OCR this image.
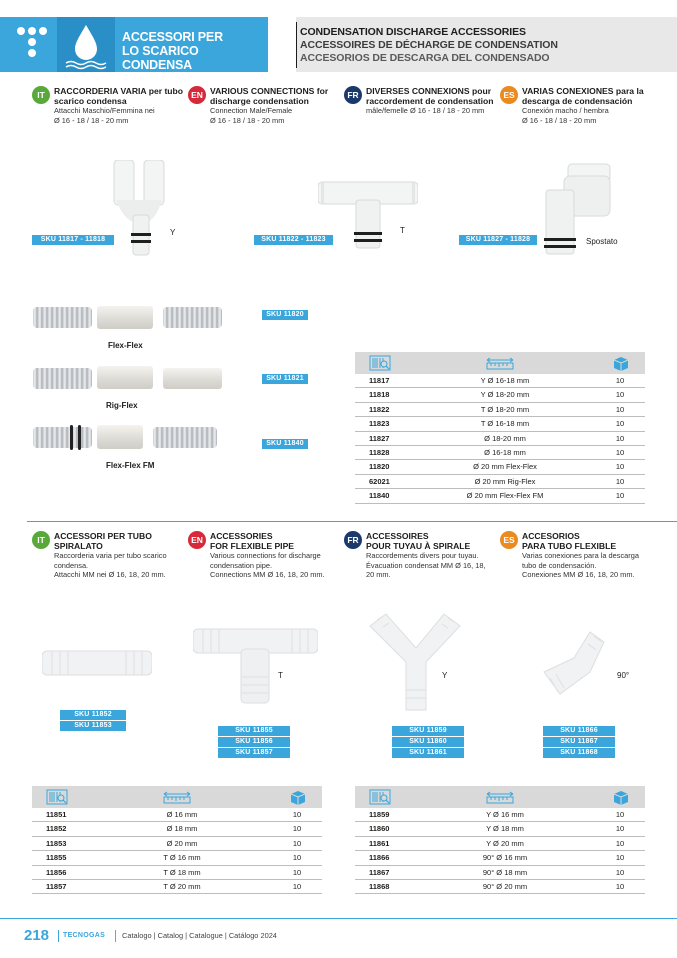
ACCESSORI PER
LO SCARICO CONDENSA
CONDENSATION DISCHARGE ACCESSORIES
ACCESSOIRES DE DÉCHARGE DE CONDENSATION
ACCESORIOS DE DESCARGA DEL CONDENSADO
IT	RACCORDERIA VARIA per tubo scarico condensa
Attacchi Maschio/Femmina nei
Ø 16 - 18 / 18 - 20 mm
EN VARIOUS CONNECTIONS for discharge condensation
Connection Male/Female
Ø 16 - 18 / 18 - 20 mm
FR DIVERSES CONNEXIONS pour raccordement de condensation
mâle/femelle Ø 16 - 18 / 18 - 20 mm
ES VARIAS CONEXIONES para la descarga de condensación
Conexión macho / hembra
Ø 16 - 18 / 18 - 20 mm
SKU 11817 - 11818
Y
SKU 11822 - 11823
T
SKU 11827 - 11828	Spostato
Flex-Flex
SKU 11820
Rig-Flex
SKU 11821
Flex-Flex FM
SKU 11840
11817	Y Ø 16-18 mm	10
11818	Y Ø 18-20 mm	10
11822	T Ø 18-20 mm	10
11823	T Ø 16-18 mm	10
11827	Ø 18-20 mm	10
11828	Ø 16-18 mm	10
11820	Ø 20 mm Flex-Flex	10
62021	Ø 20 mm Rig-Flex	10
11840	Ø 20 mm Flex-Flex FM	10
IT	ACCESSORI PER TUBO
SPIRALATO
Raccorderia varia per tubo scarico
condensa.
Attacchi MM nei Ø 16, 18, 20 mm.
EN ACCESSORIES
FOR FLEXIBLE PIPE
Various connections for discharge
condensation pipe.
Connections MM Ø 16, 18, 20 mm.
FR ACCESSOIRES
POUR TUYAU À SPIRALE
Raccordements divers pour tuyau.
Évacuation condensat MM Ø 16, 18,
20 mm.
ES ACCESORIOS
PARA TUBO FLEXIBLE
Varias conexiones para la descarga
tubo de condensación.
Conexiones MM Ø 16, 18, 20 mm.
SKU 11852
SKU 11853
T
SKU 11855
SKU 11856
SKU 11857
Y
SKU 11859
SKU 11860
SKU 11861
90°
SKU 11866
SKU 11867
SKU 11868
11851	Ø 16 mm	10
11852	Ø 18 mm	10
11853	Ø 20 mm	10
11855	T Ø 16 mm	10
11856	T Ø 18 mm	10
11857	T Ø 20 mm	10
11859	Y Ø 16 mm	10
11860	Y Ø 18 mm	10
11861	Y Ø 20 mm	10
11866	90° Ø 16 mm	10
11867	90° Ø 18 mm	10
11868	90° Ø 20 mm	10
218 TECNOGAS Catalogo | Catalog | Catalogue | Catálogo 2024
